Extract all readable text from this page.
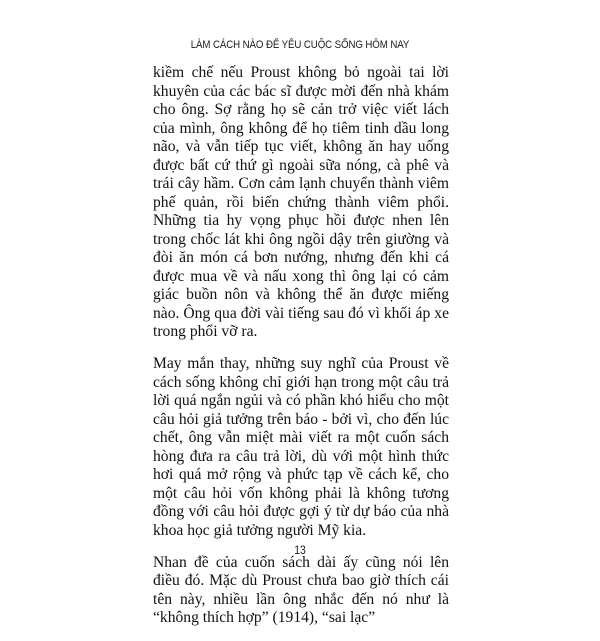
LÀM CÁCH NÀO ĐỂ YÊU CUỘC SỐNG HÔM NAY

kiềm chế nếu Proust không bỏ ngoài tai lời khuyên của các bác sĩ được mời đến nhà khám cho ông. Sợ rằng họ sẽ cản trở việc viết lách của mình, ông không để họ tiêm tinh dầu long não, và vẫn tiếp tục viết, không ăn hay uống được bất cứ thứ gì ngoài sữa nóng, cà phê và trái cây hầm. Cơn cảm lạnh chuyển thành viêm phế quản, rồi biến chứng thành viêm phổi. Những tia hy vọng phục hồi được nhen lên trong chốc lát khi ông ngồi dậy trên giường và đòi ăn món cá bơn nướng, nhưng đến khi cá được mua về và nấu xong thì ông lại có cảm giác buồn nôn và không thể ăn được miếng nào. Ông qua đời vài tiếng sau đó vì khối áp xe trong phổi vỡ ra.

May mắn thay, những suy nghĩ của Proust về cách sống không chỉ giới hạn trong một câu trả lời quá ngắn ngủi và có phần khó hiểu cho một câu hỏi giả tưởng trên báo - bởi vì, cho đến lúc chết, ông vẫn miệt mài viết ra một cuốn sách hòng đưa ra câu trả lời, dù với một hình thức hơi quá mở rộng và phức tạp về cách kể, cho một câu hỏi vốn không phải là không tương đồng với câu hỏi được gợi ý từ dự báo của nhà khoa học giả tưởng người Mỹ kia.

Nhan đề của cuốn sách dài ấy cũng nói lên điều đó. Mặc dù Proust chưa bao giờ thích cái tên này, nhiều lần ông nhắc đến nó như là “không thích hợp” (1914), “sai lạc”

13
